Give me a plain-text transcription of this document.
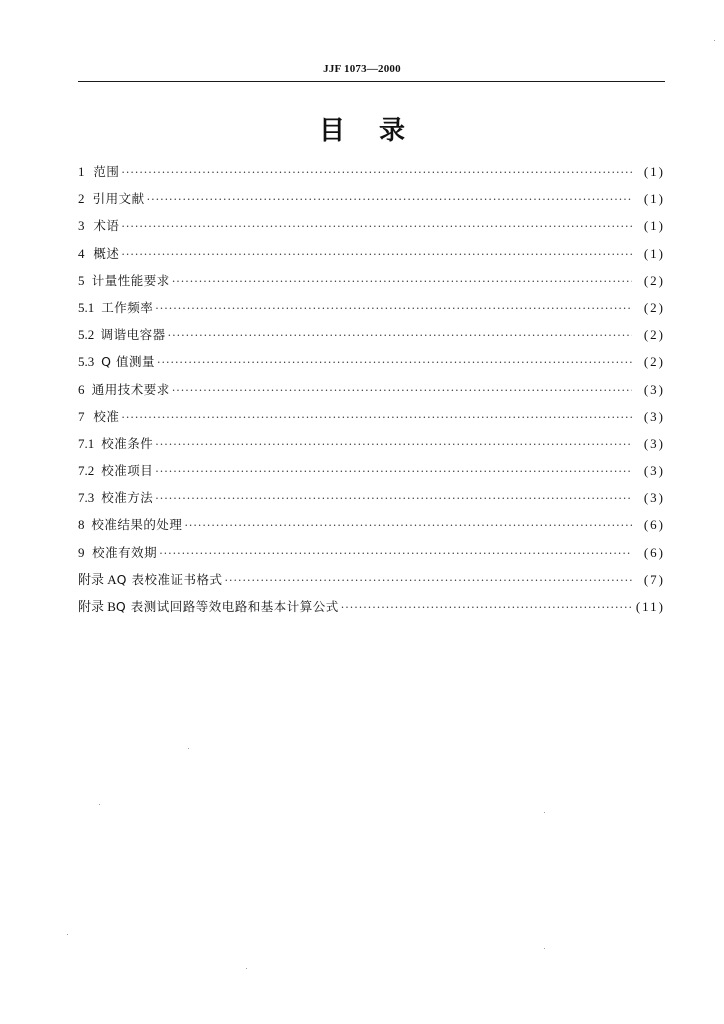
JJF 1073—2000
目录
1 范围 ·····	(1)
2 引用文献 ·····	(1)
3 术语 ·····	(1)
4 概述 ·····	(1)
5 计量性能要求 ·····	(2)
5.1 工作频率 ·····	(2)
5.2 调谐电容器 ·····	(2)
5.3 Q 值测量 ·····	(2)
6 通用技术要求 ·····	(3)
7 校准 ·····	(3)
7.1 校准条件 ·····	(3)
7.2 校准项目 ·····	(3)
7.3 校准方法 ·····	(3)
8 校准结果的处理 ·····	(6)
9 校准有效期 ·····	(6)
附录 A Q 表校准证书格式 ·····	(7)
附录 B Q 表测试回路等效电路和基本计算公式 ·····	(11)
